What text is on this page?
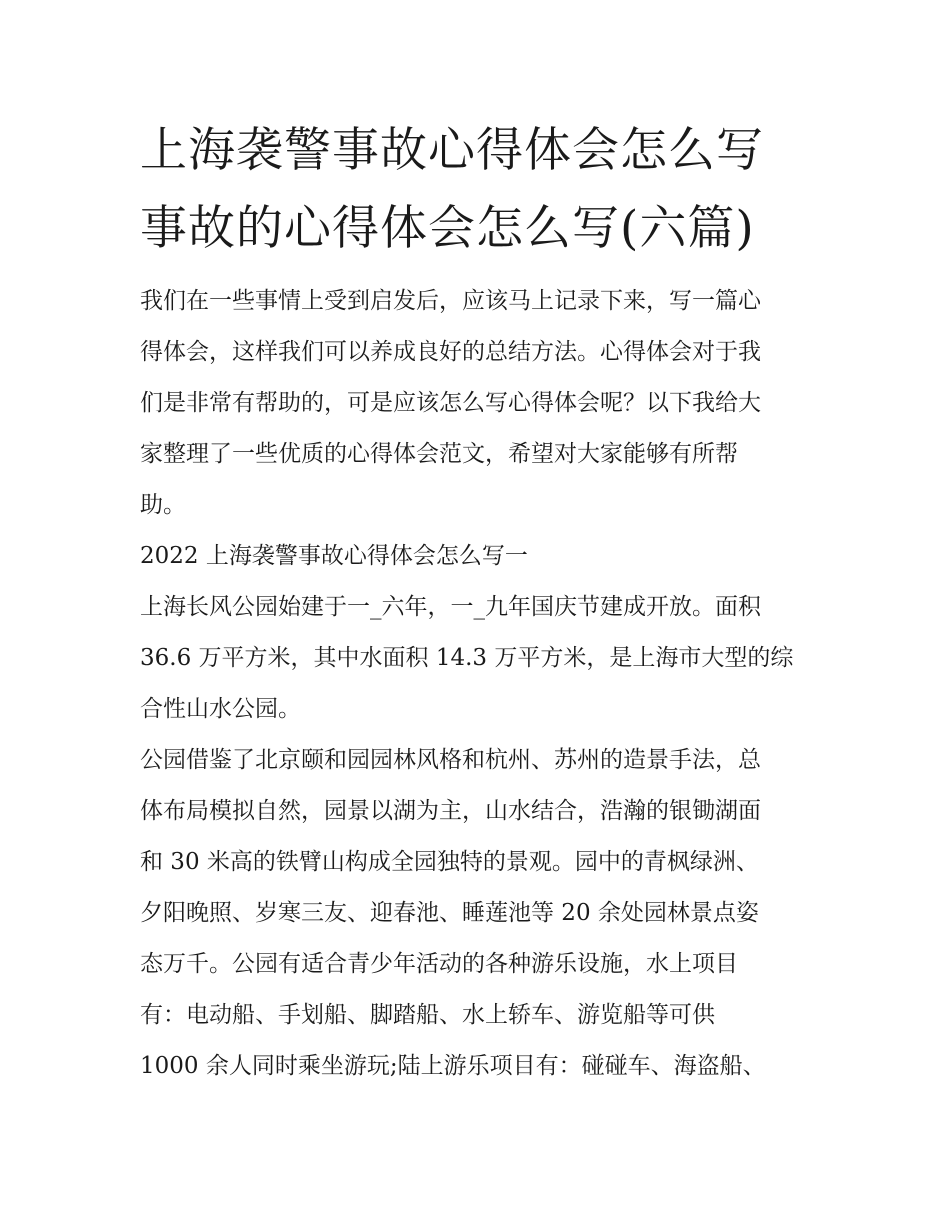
上海袭警事故心得体会怎么写
事故的心得体会怎么写(六篇)

我们在一些事情上受到启发后，应该马上记录下来，写一篇心
得体会，这样我们可以养成良好的总结方法。心得体会对于我
们是非常有帮助的，可是应该怎么写心得体会呢？以下我给大
家整理了一些优质的心得体会范文，希望对大家能够有所帮
助。

2022 上海袭警事故心得体会怎么写一

上海长风公园始建于一_六年，一_九年国庆节建成开放。面积
36.6 万平方米，其中水面积 14.3 万平方米，是上海市大型的综
合性山水公园。

公园借鉴了北京颐和园园林风格和杭州、苏州的造景手法，总
体布局模拟自然，园景以湖为主，山水结合，浩瀚的银锄湖面
和 30 米高的铁臂山构成全园独特的景观。园中的青枫绿洲、
夕阳晚照、岁寒三友、迎春池、睡莲池等 20 余处园林景点姿
态万千。公园有适合青少年活动的各种游乐设施，水上项目
有：电动船、手划船、脚踏船、水上轿车、游览船等可供
1000 余人同时乘坐游玩;陆上游乐项目有：碰碰车、海盗船、
